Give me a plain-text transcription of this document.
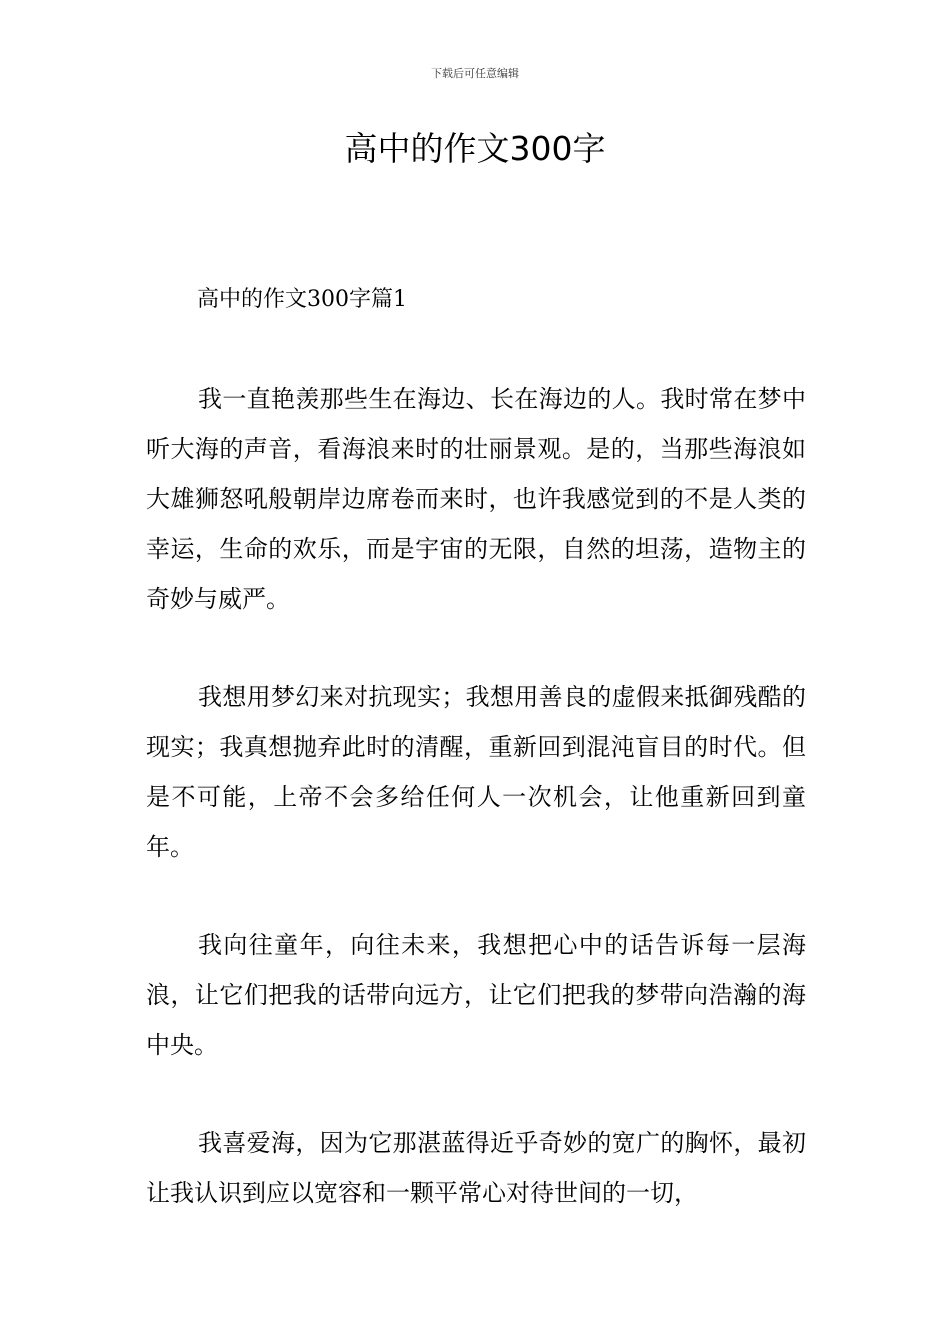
下载后可任意编辑
高中的作文300字
高中的作文300字篇1

我一直艳羡那些生在海边、长在海边的人。我时常在梦中听大海的声音，看海浪来时的壮丽景观。是的，当那些海浪如大雄狮怒吼般朝岸边席卷而来时，也许我感觉到的不是人类的幸运，生命的欢乐，而是宇宙的无限，自然的坦荡，造物主的奇妙与威严。

我想用梦幻来对抗现实；我想用善良的虚假来抵御残酷的现实；我真想抛弃此时的清醒，重新回到混沌盲目的时代。但是不可能，上帝不会多给任何人一次机会，让他重新回到童年。

我向往童年，向往未来，我想把心中的话告诉每一层海浪，让它们把我的话带向远方，让它们把我的梦带向浩瀚的海中央。

我喜爱海，因为它那湛蓝得近乎奇妙的宽广的胸怀，最初让我认识到应以宽容和一颗平常心对待世间的一切，
